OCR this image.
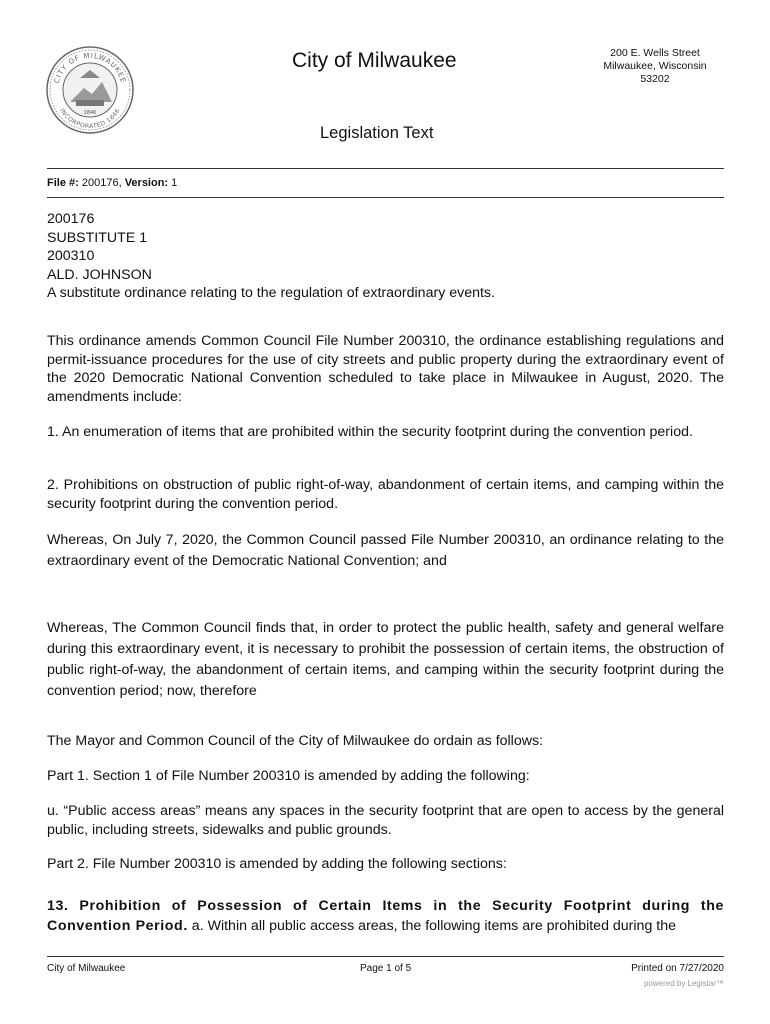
CITY OF MILWAUKEE
INCORPORATED 1846
1846
City of Milwaukee	200 E. Wells Street
Milwaukee, Wisconsin
53202
Legislation Text
File #: 200176, Version: 1
200176
SUBSTITUTE 1
200310
ALD. JOHNSON
A substitute ordinance relating to the regulation of extraordinary events.
This ordinance amends Common Council File Number 200310, the ordinance establishing regulations and permit-issuance procedures for the use of city streets and public property during the extraordinary event of the 2020 Democratic National Convention scheduled to take place in Milwaukee in August, 2020. The amendments include:
1. An enumeration of items that are prohibited within the security footprint during the convention period.
2. Prohibitions on obstruction of public right-of-way, abandonment of certain items, and camping within the security footprint during the convention period.
Whereas, On July 7, 2020, the Common Council passed File Number 200310, an ordinance relating to the extraordinary event of the Democratic National Convention; and
Whereas, The Common Council finds that, in order to protect the public health, safety and general welfare during this extraordinary event, it is necessary to prohibit the possession of certain items, the obstruction of public right-of-way, the abandonment of certain items, and camping within the security footprint during the convention period; now, therefore
The Mayor and Common Council of the City of Milwaukee do ordain as follows:
Part 1. Section 1 of File Number 200310 is amended by adding the following:
u. “Public access areas” means any spaces in the security footprint that are open to access by the general public, including streets, sidewalks and public grounds.
Part 2. File Number 200310 is amended by adding the following sections:
13. Prohibition of Possession of Certain Items in the Security Footprint during the Convention Period. a. Within all public access areas, the following items are prohibited during the
City of Milwaukee	Page 1 of 5	Printed on 7/27/2020
powered by Legistar™
